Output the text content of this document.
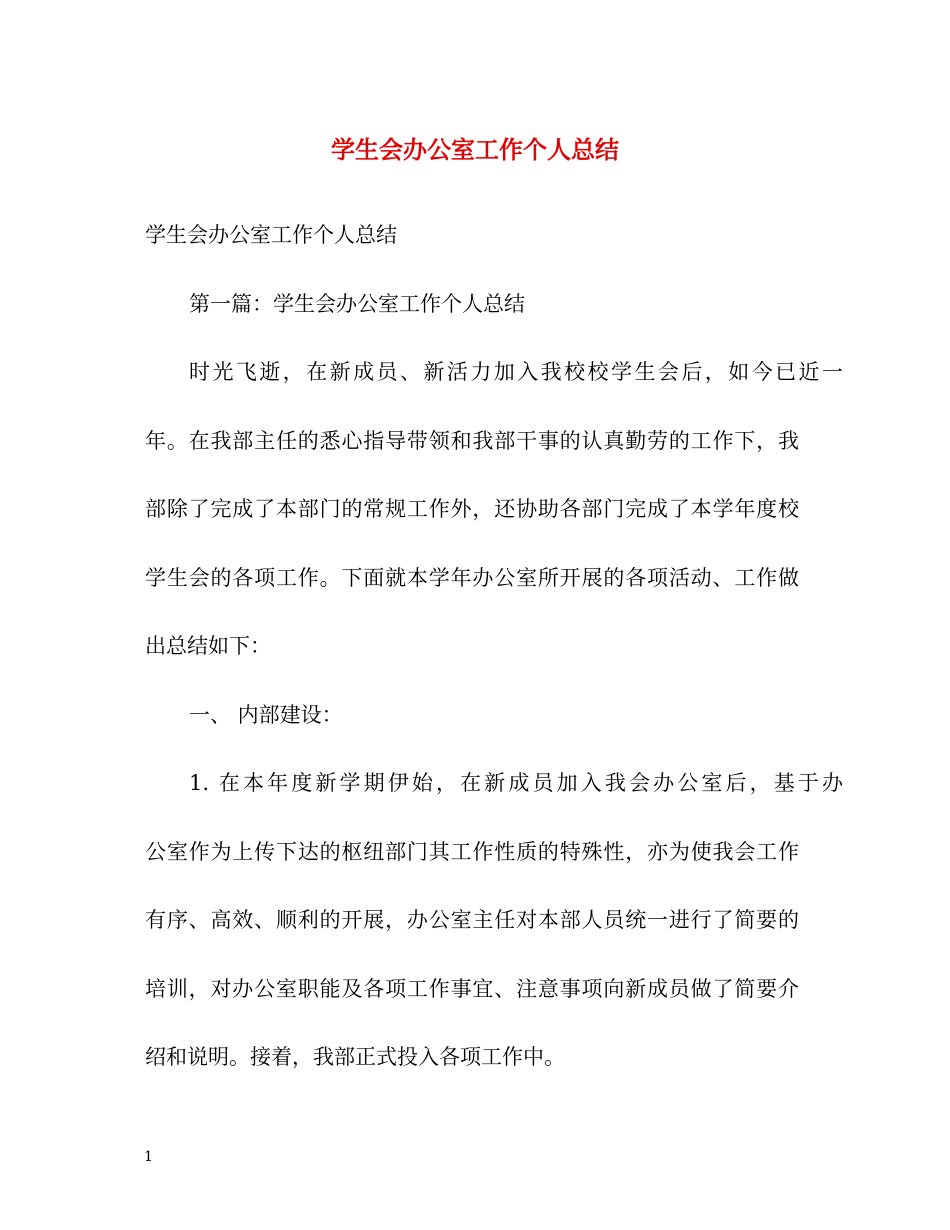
学生会办公室工作个人总结
学生会办公室工作个人总结
第一篇：学生会办公室工作个人总结
时光飞逝，在新成员、新活力加入我校校学生会后，如今已近一
年。在我部主任的悉心指导带领和我部干事的认真勤劳的工作下，我
部除了完成了本部门的常规工作外，还协助各部门完成了本学年度校
学生会的各项工作。下面就本学年办公室所开展的各项活动、工作做
出总结如下：
一、 内部建设：
1. 在本年度新学期伊始，在新成员加入我会办公室后，基于办
公室作为上传下达的枢纽部门其工作性质的特殊性，亦为使我会工作
有序、高效、顺利的开展，办公室主任对本部人员统一进行了简要的
培训，对办公室职能及各项工作事宜、注意事项向新成员做了简要介
绍和说明。接着，我部正式投入各项工作中。
1
